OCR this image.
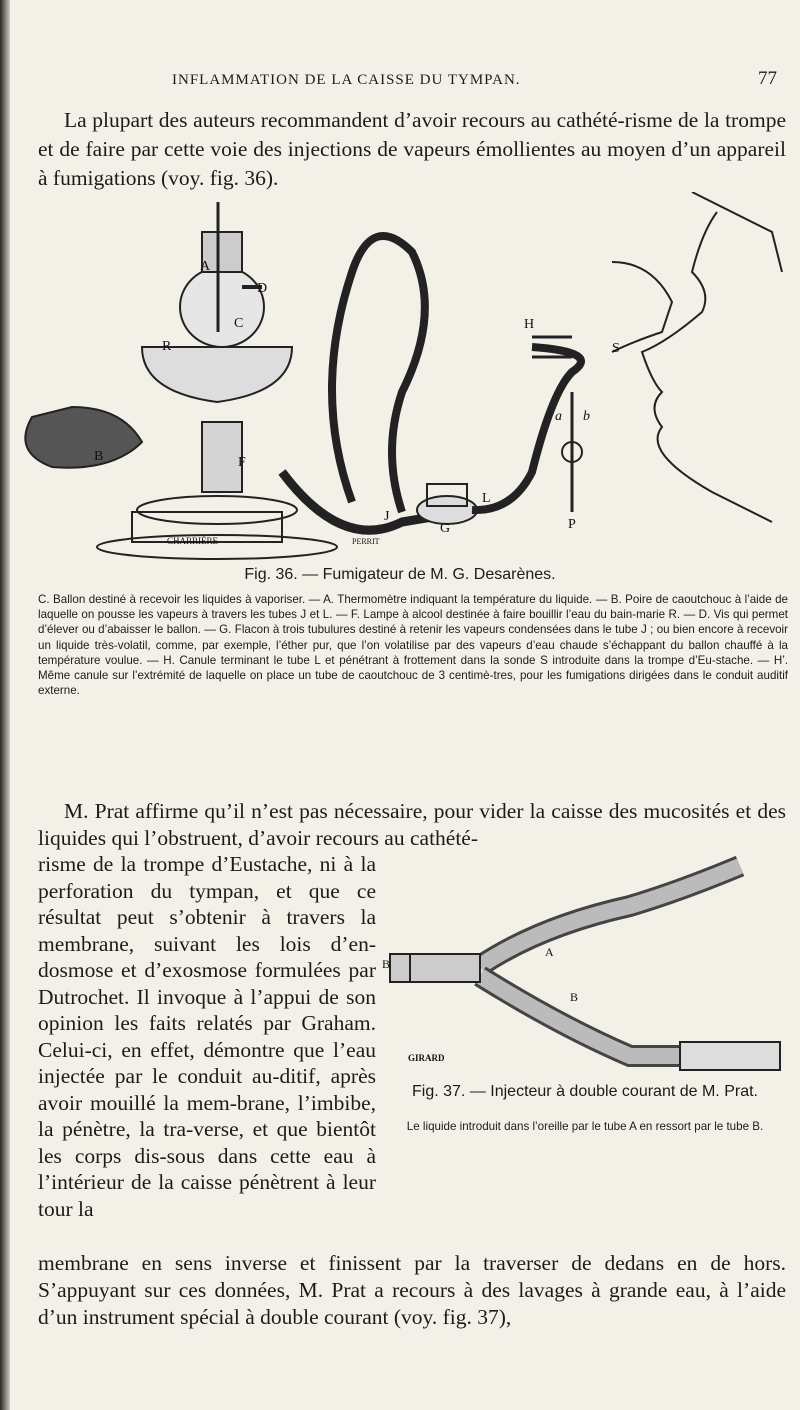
INFLAMMATION DE LA CAISSE DU TYMPAN.	77
La plupart des auteurs recommandent d’avoir recours au cathété-risme de la trompe et de faire par cette voie des injections de vapeurs émollientes au moyen d’un appareil à fumigations (voy. fig. 36).
A
D
C
R
B	F
J
G
L
H
S
a b
P
CHARRIÈRE	PERRIT
Fig. 36. — Fumigateur de M. G. Desarènes.
C. Ballon destiné à recevoir les liquides à vaporiser. — A. Thermomètre indiquant la température du liquide. — B. Poire de caoutchouc à l’aide de laquelle on pousse les vapeurs à travers les tubes J et L. — F. Lampe à alcool destinée à faire bouillir l’eau du bain-marie R. — D. Vis qui permet d’élever ou d’abaisser le ballon. — G. Flacon à trois tubulures destiné à retenir les vapeurs condensées dans le tube J ; ou bien encore à recevoir un liquide très-volatil, comme, par exemple, l’éther pur, que l’on volatilise par des vapeurs d’eau chaude s’échappant du ballon chauffé à la température voulue. — H. Canule terminant le tube L et pénétrant à frottement dans la sonde S introduite dans la trompe d’Eu-stache. — H’. Même canule sur l’extrémité de laquelle on place un tube de caoutchouc de 3 centimè-tres, pour les fumigations dirigées dans le conduit auditif externe.
M. Prat affirme qu’il n’est pas nécessaire, pour vider la caisse des mucosités et des liquides qui l’obstruent, d’avoir recours au cathété-
risme de la trompe d’Eustache, ni à la perforation du tympan, et que ce résultat peut s’obtenir à travers la membrane, suivant les lois d’en-dosmose et d’exosmose formulées par Dutrochet. Il invoque à l’appui de son opinion les faits relatés par Graham. Celui-ci, en effet, démontre que l’eau injectée par le conduit au-ditif, après avoir mouillé la mem-brane, l’imbibe, la pénètre, la tra-verse, et que bientôt les corps dis-sous dans cette eau à l’intérieur de la caisse pénètrent à leur tour la
A
B
B
GIRARD
Fig. 37. — Injecteur à double courant de M. Prat.
Le liquide introduit dans l’oreille par le tube A en ressort par le tube B.
membrane en sens inverse et finissent par la traverser de dedans en de hors. S’appuyant sur ces données, M. Prat a recours à des lavages à grande eau, à l’aide d’un instrument spécial à double courant (voy. fig. 37),
